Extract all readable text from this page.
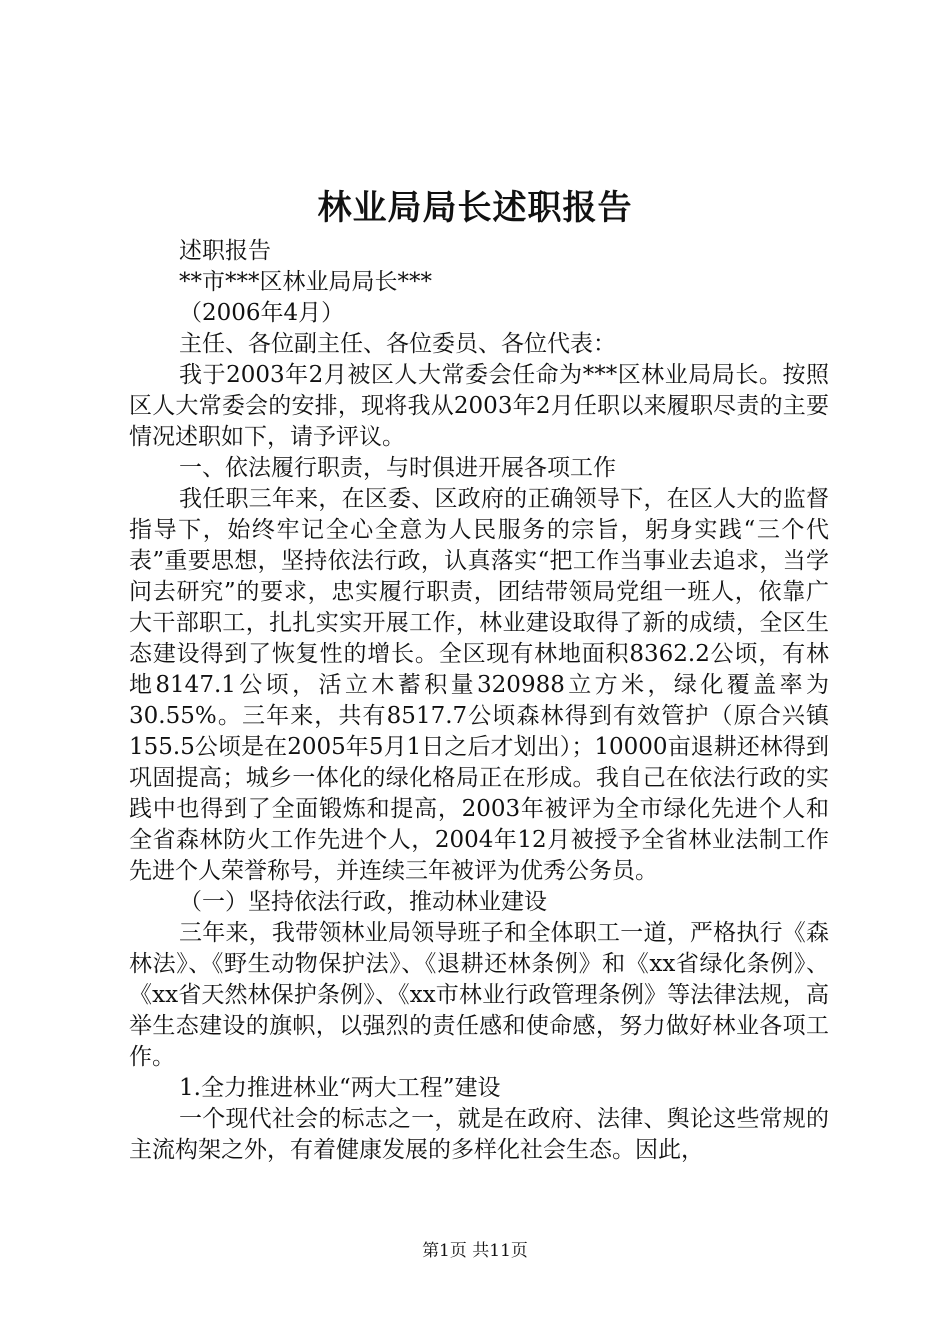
林业局局长述职报告

述职报告

**市***区林业局局长***

（2006年4月）

主任、各位副主任、各位委员、各位代表：

我于2003年2月被区人大常委会任命为***区林业局局长。按照区人大常委会的安排，现将我从2003年2月任职以来履职尽责的主要情况述职如下，请予评议。

一、依法履行职责，与时俱进开展各项工作

我任职三年来，在区委、区政府的正确领导下，在区人大的监督指导下，始终牢记全心全意为人民服务的宗旨，躬身实践“三个代表”重要思想，坚持依法行政，认真落实“把工作当事业去追求，当学问去研究”的要求，忠实履行职责，团结带领局党组一班人，依靠广大干部职工，扎扎实实开展工作，林业建设取得了新的成绩，全区生态建设得到了恢复性的增长。全区现有林地面积8362.2公顷，有林地8147.1公顷，活立木蓄积量320988立方米，绿化覆盖率为30.55%。三年来，共有8517.7公顷森林得到有效管护（原合兴镇155.5公顷是在2005年5月1日之后才划出）；10000亩退耕还林得到巩固提高；城乡一体化的绿化格局正在形成。我自己在依法行政的实践中也得到了全面锻炼和提高，2003年被评为全市绿化先进个人和全省森林防火工作先进个人，2004年12月被授予全省林业法制工作先进个人荣誉称号，并连续三年被评为优秀公务员。

（一）坚持依法行政，推动林业建设

三年来，我带领林业局领导班子和全体职工一道，严格执行《森林法》、《野生动物保护法》、《退耕还林条例》和《xx省绿化条例》、《xx省天然林保护条例》、《xx市林业行政管理条例》等法律法规，高举生态建设的旗帜，以强烈的责任感和使命感，努力做好林业各项工作。

1.全力推进林业“两大工程”建设

一个现代社会的标志之一，就是在政府、法律、舆论这些常规的主流构架之外，有着健康发展的多样化社会生态。因此，

第1页 共11页
